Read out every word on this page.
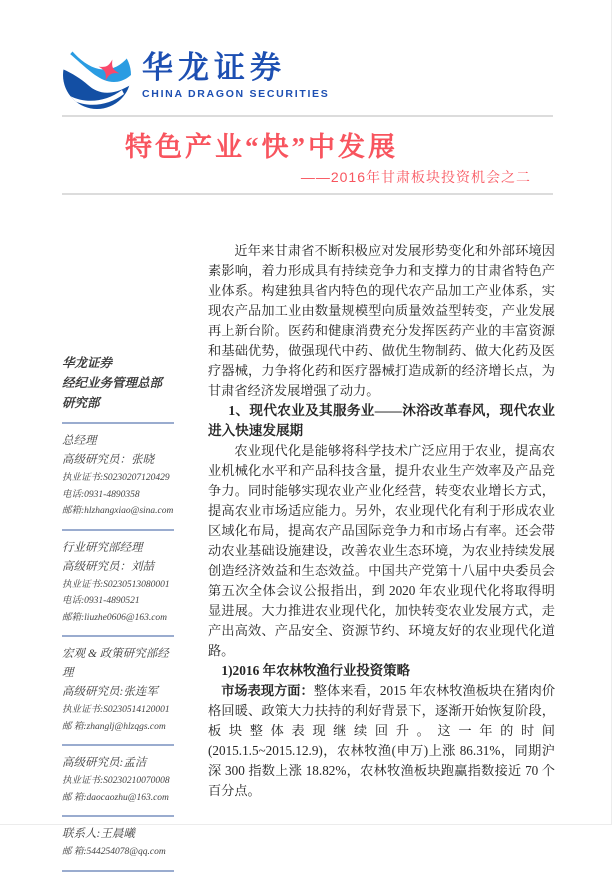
华龙证券
CHINA DRAGON SECURITIES
特色产业“快”中发展
——2016年甘肃板块投资机会之二
华龙证券
经纪业务管理总部
研究部
总经理
高级研究员：张晓
执业证书:S0230207120429
电话:0931-4890358
邮箱:hlzhangxiao@sina.com
行业研究部经理
高级研究员：刘喆
执业证书:S0230513080001
电话:0931-4890521
邮箱:liuzhe0606@163.com
宏观 & 政策研究部经理
高级研究员:张连军
执业证书:S0230514120001
邮 箱:zhanglj@hlzqgs.com
高级研究员:孟洁
执业证书:S0230210070008
邮 箱:daocaozhu@163.com
联系人:王晨曦
邮 箱:544254078@qq.com

近年来甘肃省不断积极应对发展形势变化和外部环境因素影响，着力形成具有持续竞争力和支撑力的甘肃省特色产业体系。构建独具省内特色的现代农产品加工产业体系，实现农产品加工业由数量规模型向质量效益型转变，产业发展再上新台阶。医药和健康消费充分发挥医药产业的丰富资源和基础优势，做强现代中药、做优生物制药、做大化药及医疗器械，力争将化药和医疗器械打造成新的经济增长点，为甘肃省经济发展增强了动力。

1、现代农业及其服务业——沐浴改革春风，现代农业进入快速发展期

农业现代化是能够将科学技术广泛应用于农业，提高农业机械化水平和产品科技含量，提升农业生产效率及产品竞争力。同时能够实现农业产业化经营，转变农业增长方式，提高农业市场适应能力。另外，农业现代化有利于形成农业区域化布局，提高农产品国际竞争力和市场占有率。还会带动农业基础设施建设，改善农业生态环境，为农业持续发展创造经济效益和生态效益。中国共产党第十八届中央委员会第五次全体会议公报指出，到 2020 年农业现代化将取得明显进展。大力推进农业现代化，加快转变农业发展方式，走产出高效、产品安全、资源节约、环境友好的农业现代化道路。

1)2016 年农林牧渔行业投资策略

市场表现方面：整体来看，2015 年农林牧渔板块在猪肉价格回暖、政策大力扶持的利好背景下，逐渐开始恢复阶段，板块整体表现继续回升。这一年的时间(2015.1.5~2015.12.9)，农林牧渔(申万)上涨 86.31%，同期沪深 300 指数上涨 18.82%，农林牧渔板块跑赢指数接近 70 个百分点。
